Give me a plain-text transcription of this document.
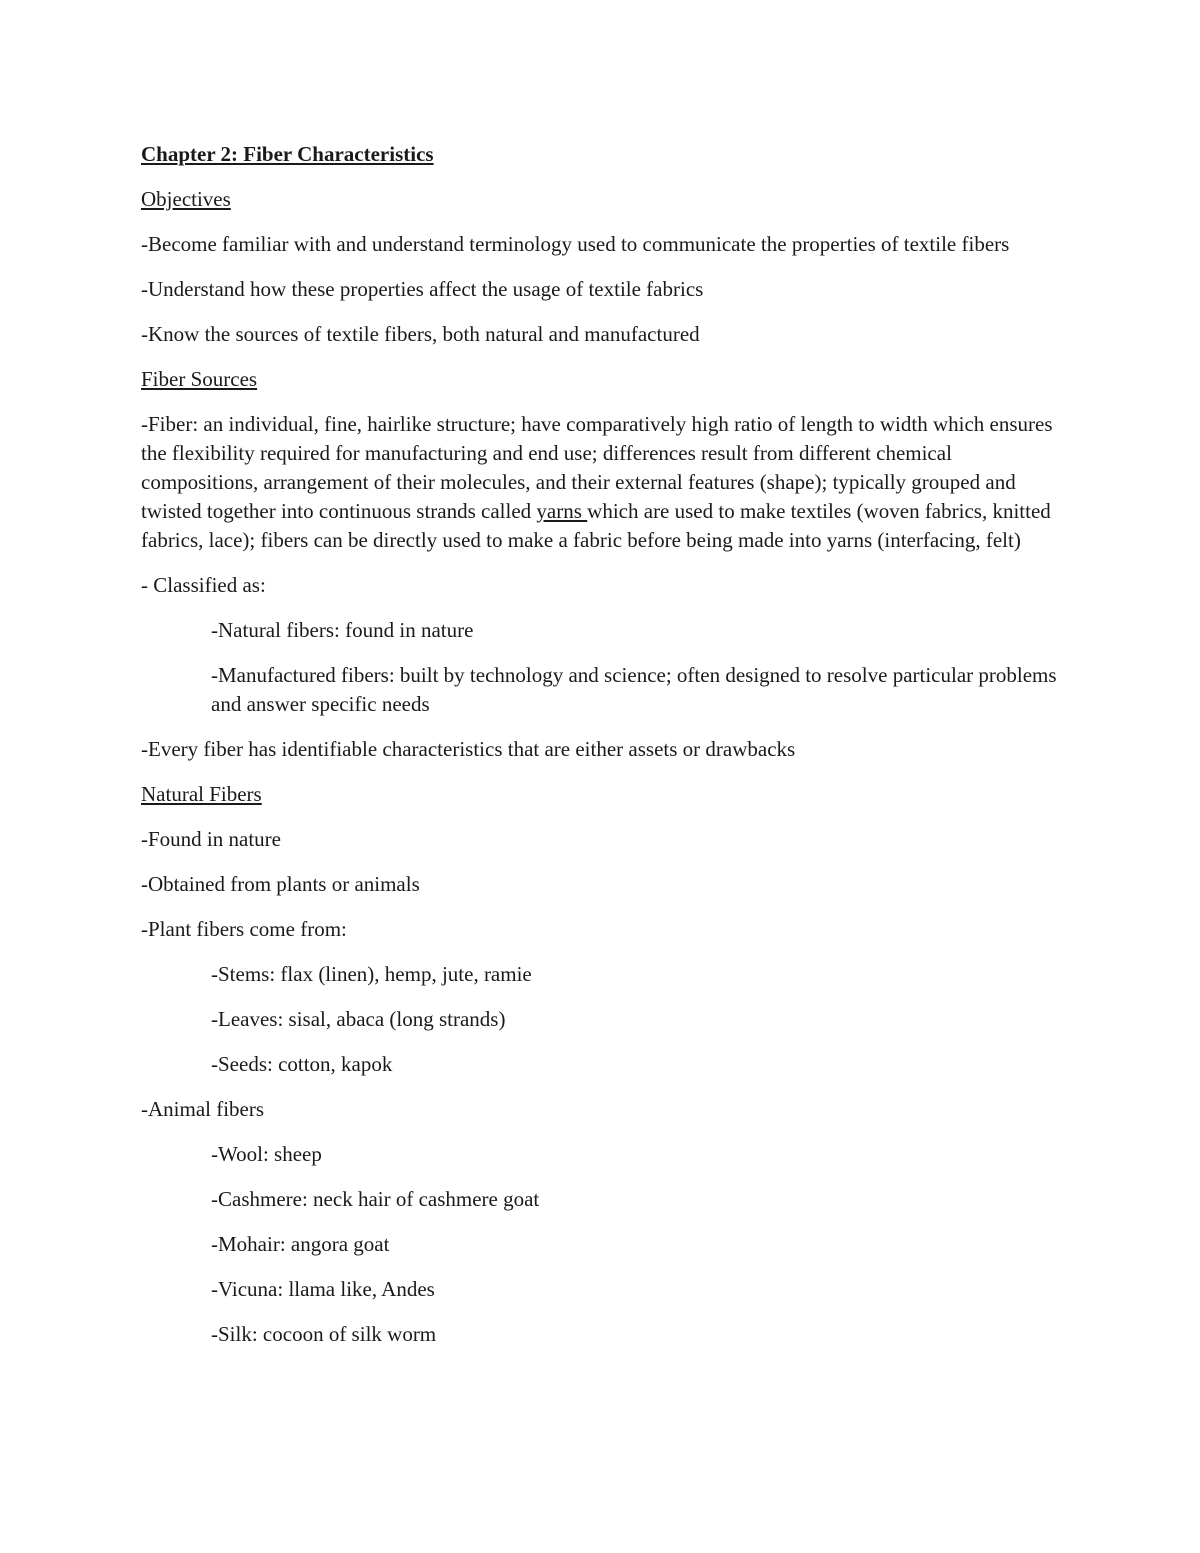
Chapter 2: Fiber Characteristics

Objectives

-Become familiar with and understand terminology used to communicate the properties of textile fibers

-Understand how these properties affect the usage of textile fabrics

-Know the sources of textile fibers, both natural and manufactured

Fiber Sources

-Fiber: an individual, fine, hairlike structure; have comparatively high ratio of length to width which ensures the flexibility required for manufacturing and end use; differences result from different chemical compositions, arrangement of their molecules, and their external features (shape); typically grouped and twisted together into continuous strands called yarns which are used to make textiles (woven fabrics, knitted fabrics, lace); fibers can be directly used to make a fabric before being made into yarns (interfacing, felt)

- Classified as:

-Natural fibers: found in nature

-Manufactured fibers: built by technology and science; often designed to resolve particular problems and answer specific needs

-Every fiber has identifiable characteristics that are either assets or drawbacks

Natural Fibers

-Found in nature

-Obtained from plants or animals

-Plant fibers come from:

-Stems: flax (linen), hemp, jute, ramie

-Leaves: sisal, abaca (long strands)

-Seeds: cotton, kapok

-Animal fibers

-Wool: sheep

-Cashmere: neck hair of cashmere goat

-Mohair: angora goat

-Vicuna: llama like, Andes

-Silk: cocoon of silk worm
